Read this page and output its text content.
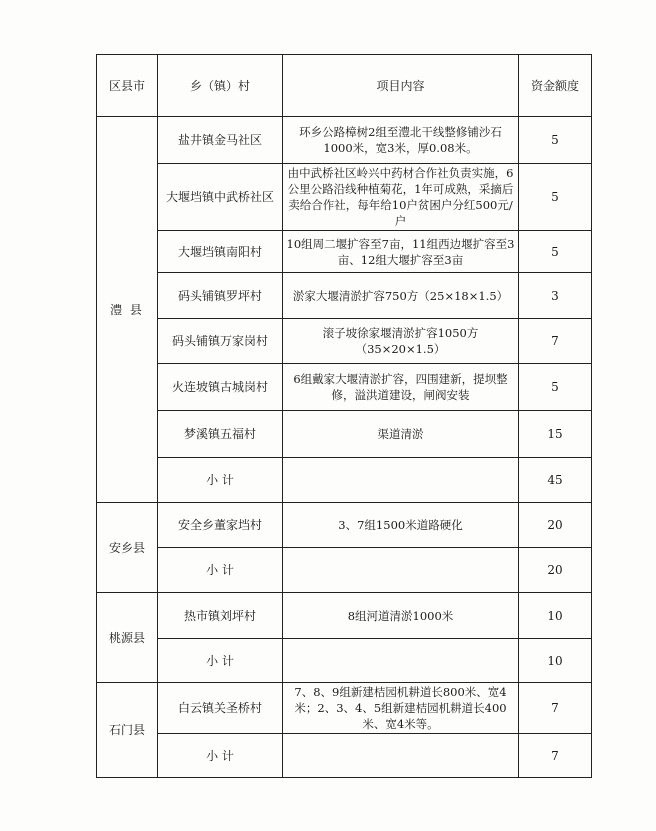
区县市	乡（镇）村	项目内容	资金额度
澧 县	盐井镇金马社区	环乡公路樟树2组至澧北干线整修铺沙石1000米，宽3米，厚0.08米。	5
	大堰垱镇中武桥社区	由中武桥社区岭兴中药材合作社负责实施，6公里公路沿线种植菊花，1年可成熟，采摘后卖给合作社，每年给10户贫困户分红500元/户	5
	大堰垱镇南阳村	10组周二堰扩容至7亩，11组西边堰扩容至3亩、12组大堰扩容至3亩	5
	码头铺镇罗坪村	淤家大堰清淤扩容750方（25×18×1.5）	3
	码头铺镇万家岗村	滚子坡徐家堰清淤扩容1050方（35×20×1.5）	7
	火连坡镇古城岗村	6组戴家大堰清淤扩容，四围建新，提坝整修，溢洪道建设，闸阀安装	5
	梦溪镇五福村	渠道清淤	15
	小 计		45
安乡县	安全乡董家垱村	3、7组1500米道路硬化	20
	小 计		20
桃源县	热市镇刘坪村	8组河道清淤1000米	10
	小 计		10
石门县	白云镇关圣桥村	7、8、9组新建桔园机耕道长800米、宽4米；2、3、4、5组新建桔园机耕道长400米、宽4米等。	7
	小 计		7
